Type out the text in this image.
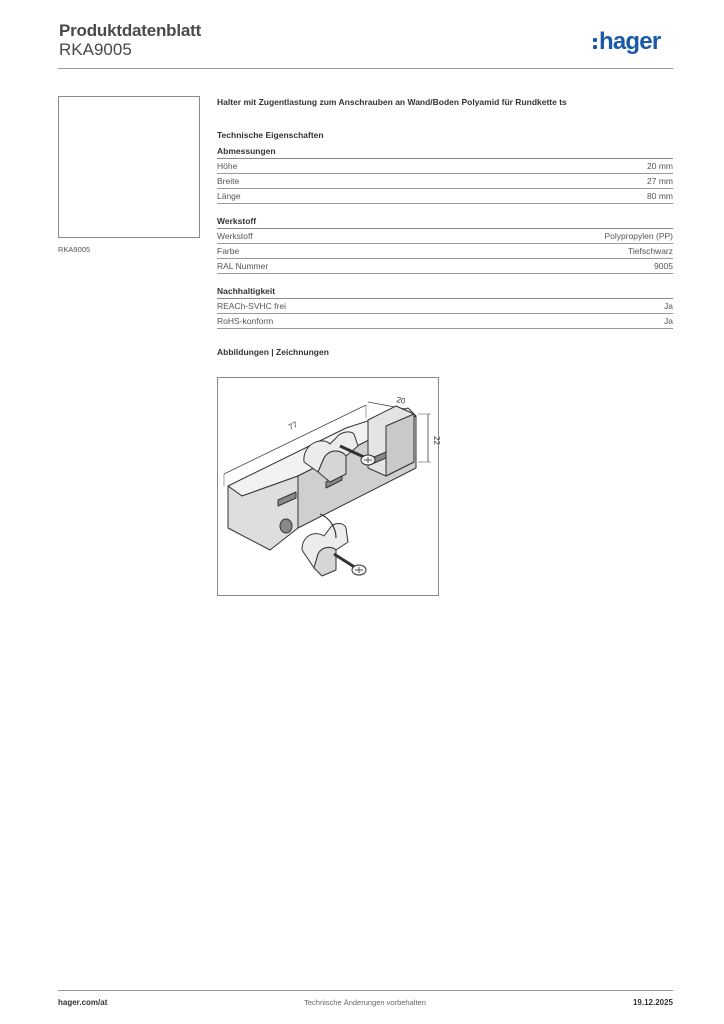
Produktdatenblatt
RKA9005	hager
RKA9005
Halter mit Zugentlastung zum Anschrauben an Wand/Boden Polyamid für Rundkette ts
Technische Eigenschaften
Abmessungen
Höhe	20 mm
Breite	27 mm
Länge	80 mm
Werkstoff
Werkstoff	Polypropylen (PP)
Farbe	Tiefschwarz
RAL Nummer	9005
Nachhaltigkeit
REACh-SVHC frei	Ja
RoHS-konform	Ja
Abbildungen | Zeichnungen
77
20
22
hager.com/at	Technische Änderungen vorbehalten	19.12.2025
